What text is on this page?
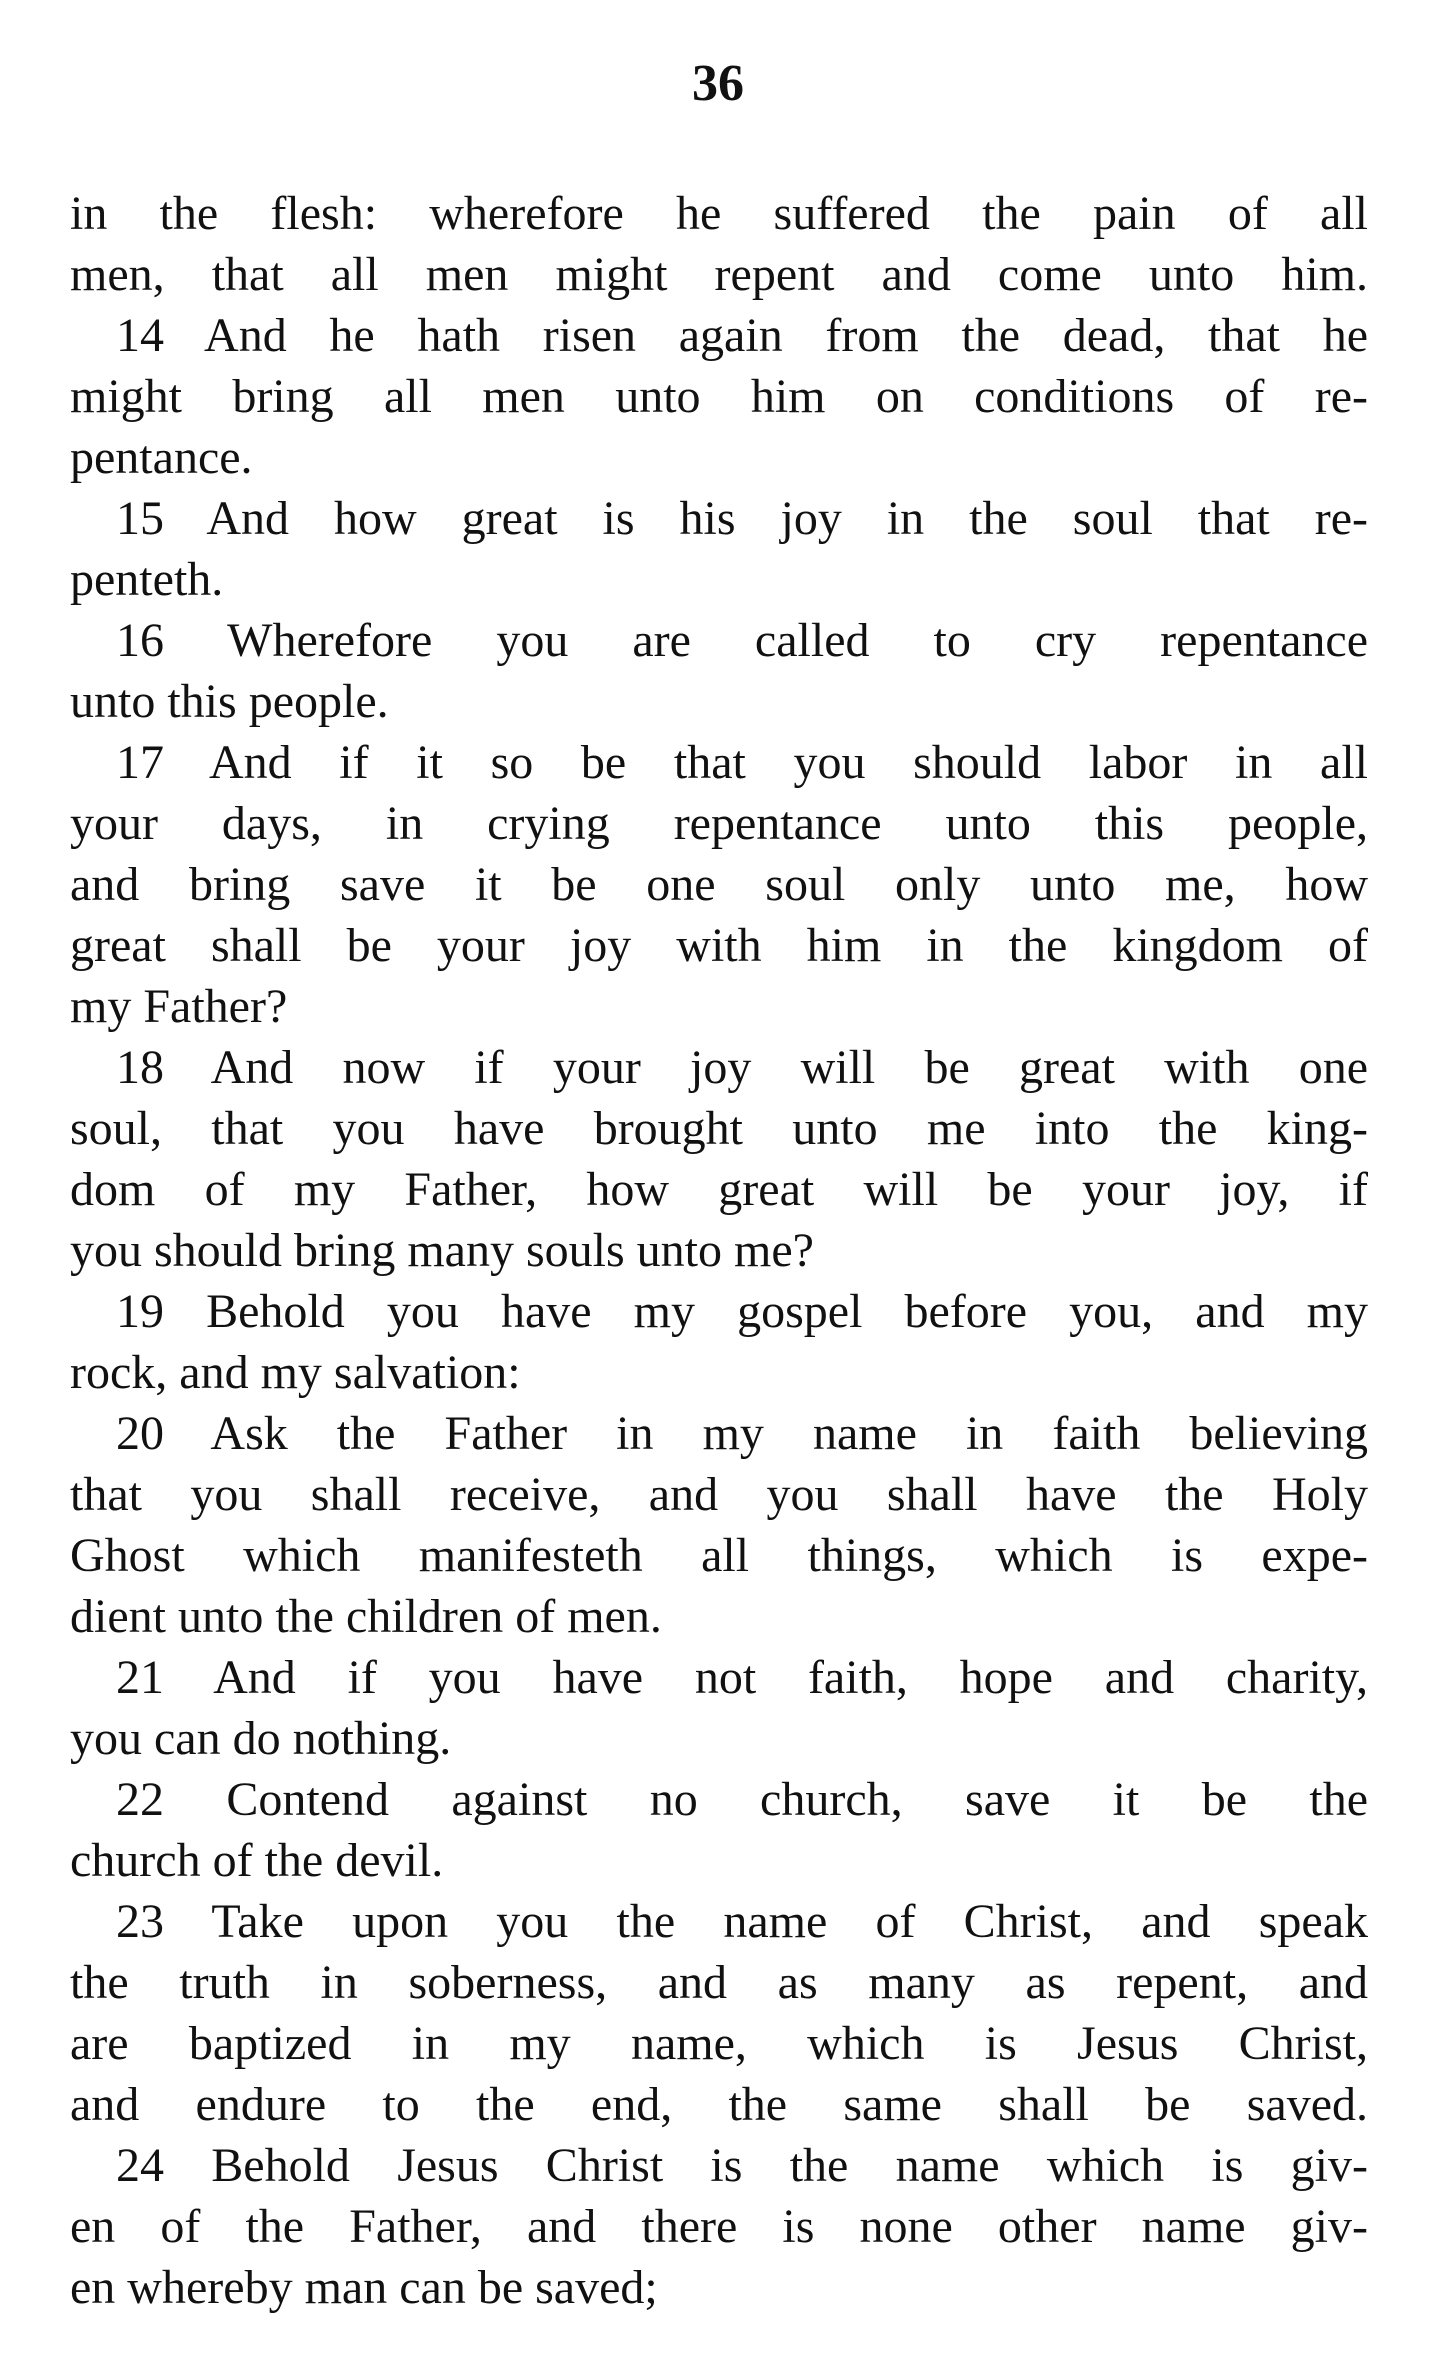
36
in the flesh: wherefore he suffered the pain of all
men, that all men might repent and come unto him.
14 And he hath risen again from the dead, that he
might bring all men unto him on conditions of re-
pentance.
15 And how great is his joy in the soul that re-
penteth.
16 Wherefore you are called to cry repentance
unto this people.
17 And if it so be that you should labor in all
your days, in crying repentance unto this people,
and bring save it be one soul only unto me, how
great shall be your joy with him in the kingdom of
my Father?
18 And now if your joy will be great with one
soul, that you have brought unto me into the king-
dom of my Father, how great will be your joy, if
you should bring many souls unto me?
19 Behold you have my gospel before you, and my
rock, and my salvation:
20 Ask the Father in my name in faith believing
that you shall receive, and you shall have the Holy
Ghost which manifesteth all things, which is expe-
dient unto the children of men.
21 And if you have not faith, hope and charity,
you can do nothing.
22 Contend against no church, save it be the
church of the devil.
23 Take upon you the name of Christ, and speak
the truth in soberness, and as many as repent, and
are baptized in my name, which is Jesus Christ,
and endure to the end, the same shall be saved.
24 Behold Jesus Christ is the name which is giv-
en of the Father, and there is none other name giv-
en whereby man can be saved;
